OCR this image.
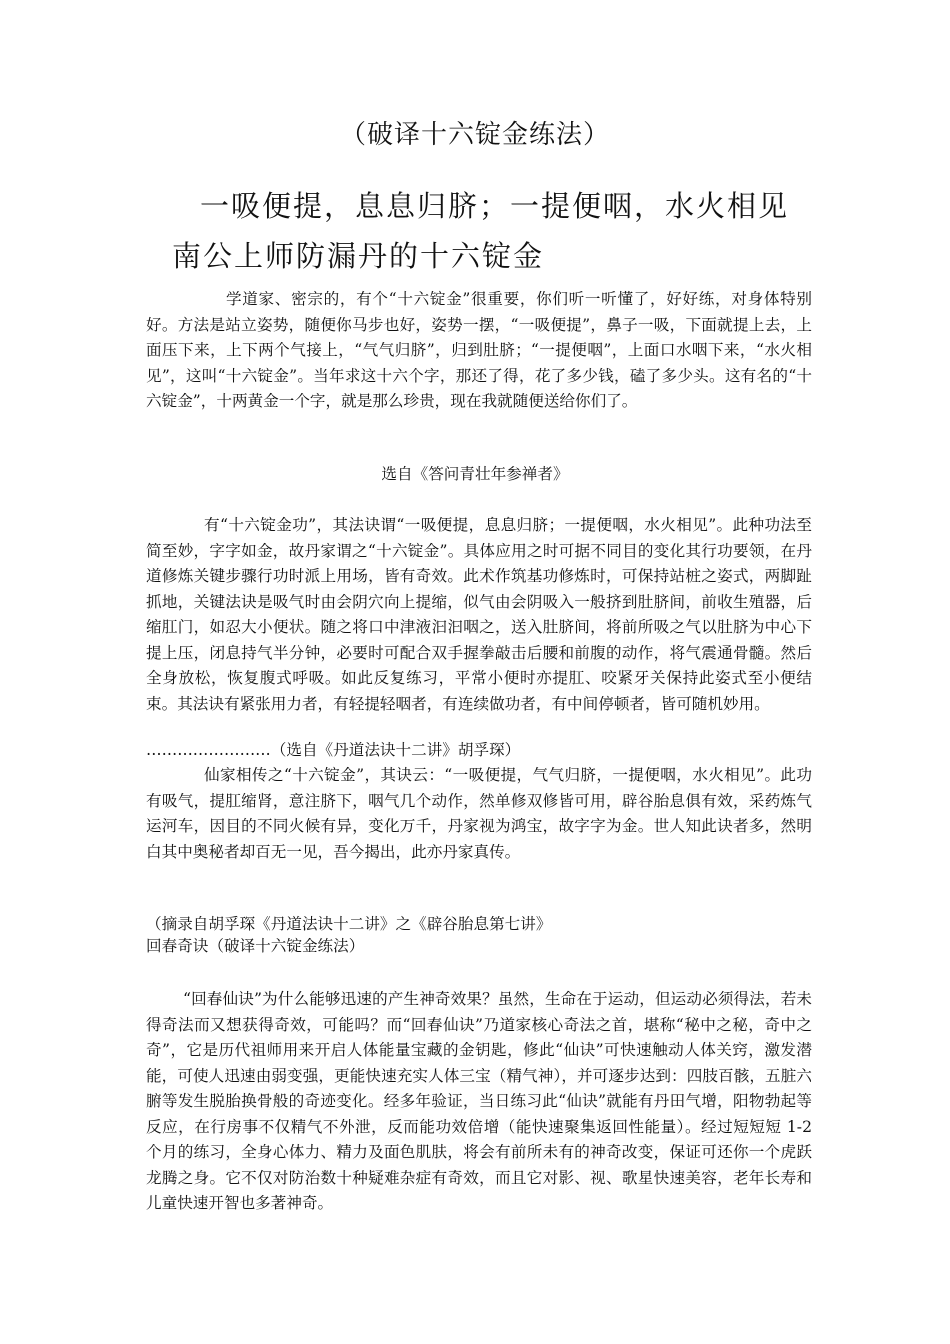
（破译十六锭金练法）
一吸便提，息息归脐；一提便咽，水火相见
南公上师防漏丹的十六锭金

学道家、密宗的，有个“十六锭金”很重要，你们听一听懂了，好好练，对身体特别好。方法是站立姿势，随便你马步也好，姿势一摆，“一吸便提”，鼻子一吸，下面就提上去，上面压下来，上下两个气接上，“气气归脐”，归到肚脐；“一提便咽”，上面口水咽下来，“水火相见”，这叫“十六锭金”。当年求这十六个字，那还了得，花了多少钱，磕了多少头。这有名的“十六锭金”，十两黄金一个字，就是那么珍贵，现在我就随便送给你们了。

选自《答问青壮年参禅者》

有“十六锭金功”，其法诀谓“一吸便提，息息归脐；一提便咽，水火相见”。此种功法至简至妙，字字如金，故丹家谓之“十六锭金”。具体应用之时可据不同目的变化其行功要领，在丹道修炼关键步骤行功时派上用场，皆有奇效。此术作筑基功修炼时，可保持站桩之姿式，两脚趾抓地，关键法诀是吸气时由会阴穴向上提缩，似气由会阴吸入一般挤到肚脐间，前收生殖器，后缩肛门，如忍大小便状。随之将口中津液汩汩咽之，送入肚脐间，将前所吸之气以肚脐为中心下提上压，闭息持气半分钟，必要时可配合双手握拳敲击后腰和前腹的动作，将气震通骨髓。然后全身放松，恢复腹式呼吸。如此反复练习，平常小便时亦提肛、咬紧牙关保持此姿式至小便结束。其法诀有紧张用力者，有轻提轻咽者，有连续做功者，有中间停顿者，皆可随机妙用。

……………………（选自《丹道法诀十二讲》胡孚琛）

仙家相传之“十六锭金”，其诀云：“一吸便提，气气归脐，一提便咽，水火相见”。此功有吸气，提肛缩肾，意注脐下，咽气几个动作，然单修双修皆可用，辟谷胎息俱有效，采药炼气运河车，因目的不同火候有异，变化万千，丹家视为鸿宝，故字字为金。世人知此诀者多，然明白其中奥秘者却百无一见，吾今揭出，此亦丹家真传。

（摘录自胡孚琛《丹道法诀十二讲》之《辟谷胎息第七讲》
回春奇诀（破译十六锭金练法）

“回春仙诀”为什么能够迅速的产生神奇效果？虽然，生命在于运动，但运动必须得法，若未得奇法而又想获得奇效，可能吗？而“回春仙诀”乃道家核心奇法之首，堪称“秘中之秘，奇中之奇”，它是历代祖师用来开启人体能量宝藏的金钥匙，修此“仙诀”可快速触动人体关窍，激发潜能，可使人迅速由弱变强，更能快速充实人体三宝（精气神），并可逐步达到：四肢百骸，五脏六腑等发生脱胎换骨般的奇迹变化。经多年验证，当日练习此“仙诀”就能有丹田气增，阳物勃起等反应，在行房事不仅精气不外泄，反而能功效倍增（能快速聚集返回性能量）。经过短短短 1-2 个月的练习，全身心体力、精力及面色肌肤，将会有前所未有的神奇改变，保证可还你一个虎跃龙腾之身。它不仅对防治数十种疑难杂症有奇效，而且它对影、视、歌星快速美容，老年长寿和儿童快速开智也多著神奇。
